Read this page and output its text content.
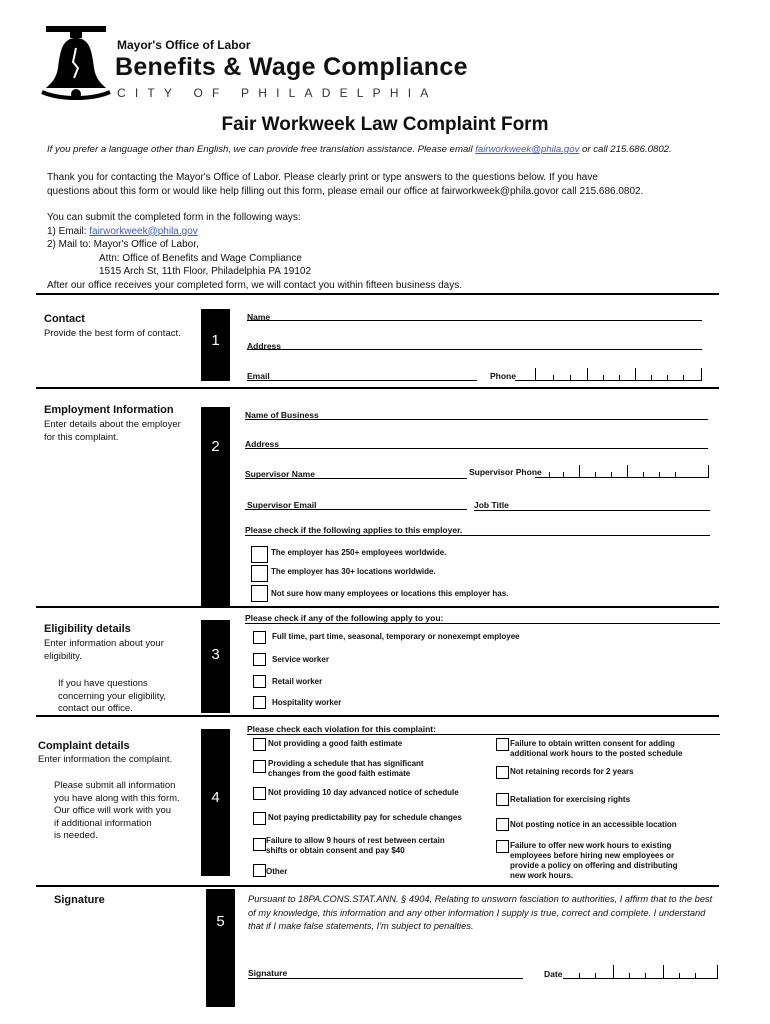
Mayor's Office of Labor
Benefits & Wage Compliance
CITY OF PHILADELPHIA
Fair Workweek Law Complaint Form
If you prefer a language other than English, we can provide free translation assistance. Please email fairworkweek@phila.gov or call 215.686.0802.
Thank you for contacting the Mayor's Office of Labor. Please clearly print or type answers to the questions below. If you have
questions about this form or would like help filling out this form, please email our office at fairworkweek@phila.govor call 215.686.0802.
You can submit the completed form in the following ways:
1) Email: fairworkweek@phila.gov
2) Mail to: Mayor's Office of Labor,
Attn: Office of Benefits and Wage Compliance
1515 Arch St, 11th Floor, Philadelphia PA 19102
After our office receives your completed form, we will contact you within fifteen business days.
Contact
Provide the best form of contact.	1
Name
Address
Email	Phone
Employment Information
Enter details about the employer
for this complaint.
2
Name of Business
Address
Supervisor Name	Supervisor Phone
Supervisor Email	Job Title
Please check if the following applies to this employer.
The employer has 250+ employees worldwide.
The employer has 30+ locations worldwide.
Not sure how many employees or locations this employer has.
Please check if any of the following apply to you:
Eligibility details
Enter information about your
eligibility.
If you have questions
concerning your eligibility,
contact our office.
3
Full time, part time, seasonal, temporary or nonexempt employee
Service worker
Retail worker
Hospitality worker
Please check each violation for this complaint:
Complaint details
Enter information the complaint.
Please submit all information
you have along with this form.
Our office will work with you
if additional information
is needed.
4
Not providing a good faith estimate
Providing a schedule that has significant changes from the good faith estimate
Not providing 10 day advanced notice of schedule
Not paying predictability pay for schedule changes
Failure to allow 9 hours of rest between certain shifts or obtain consent and pay $40
Other
Failure to obtain written consent for adding additional work hours to the posted schedule
Not retaining records for 2 years
Retaliation for exercising rights
Not posting notice in an accessible location
Failure to offer new work hours to existing employees before hiring new employees or provide a policy on offering and distributing new work hours.
Signature
5
Pursuant to 18PA.CONS.STAT.ANN. § 4904, Relating to unsworn fasciation to authorities, I affirm that to the best
of my knowledge, this information and any other information I supply is true, correct and complete. I understand
that if I make false statements, I'm subject to penalties.
Signature	Date
